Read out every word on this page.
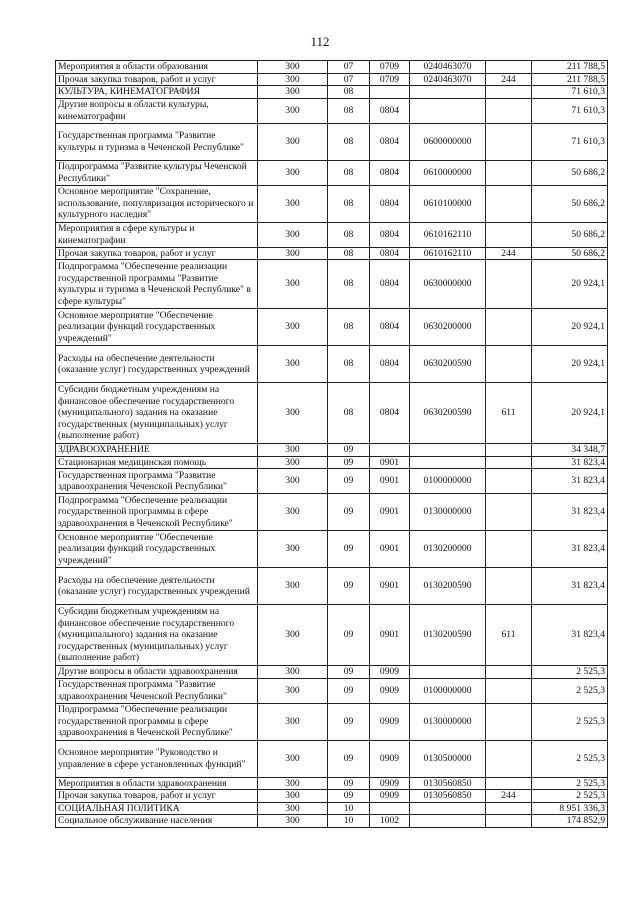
112
Мероприятия в области образования	300	07	0709	0240463070		211 788,5
Прочая закупка товаров, работ и услуг	300	07	0709	0240463070	244	211 788,5
КУЛЬТУРА, КИНЕМАТОГРАФИЯ	300	08				71 610,3
Другие вопросы в области культуры, кинематографии	300	08	0804			71 610,3
Государственная программа "Развитие культуры и туризма в Чеченской Республике"	300	08	0804	0600000000		71 610,3
Подпрограмма "Развитие культуры Чеченской Республики"	300	08	0804	0610000000		50 686,2
Основное мероприятие "Сохранение, использование, популяризация исторического и культурного наследия"	300	08	0804	0610100000		50 686,2
Мероприятия в сфере культуры и кинематографии	300	08	0804	0610162110		50 686,2
Прочая закупка товаров, работ и услуг	300	08	0804	0610162110	244	50 686,2
Подпрограмма "Обеспечение реализации государственной программы "Развитие культуры и туризма в Чеченской Республике" в сфере культуры"	300	08	0804	0630000000		20 924,1
Основное мероприятие "Обеспечение реализации функций государственных учреждений"	300	08	0804	0630200000		20 924,1
Расходы на обеспечение деятельности (оказание услуг) государственных учреждений	300	08	0804	0630200590		20 924,1
Субсидии бюджетным учреждениям на финансовое обеспечение государственного (муниципального) задания на оказание государственных (муниципальных) услуг (выполнение работ)	300	08	0804	0630200590	611	20 924,1
ЗДРАВООХРАНЕНИЕ	300	09				34 348,7
Стационарная медицинская помощь	300	09	0901			31 823,4
Государственная программа "Развитие здравоохранения Чеченской Республики"	300	09	0901	0100000000		31 823,4
Подпрограмма "Обеспечение реализации государственной программы в сфере здравоохранения в Чеченской Республике"	300	09	0901	0130000000		31 823,4
Основное мероприятие "Обеспечение реализации функций государственных учреждений"	300	09	0901	0130200000		31 823,4
Расходы на обеспечение деятельности (оказание услуг) государственных учреждений	300	09	0901	0130200590		31 823,4
Субсидии бюджетным учреждениям на финансовое обеспечение государственного (муниципального) задания на оказание государственных (муниципальных) услуг (выполнение работ)	300	09	0901	0130200590	611	31 823,4
Другие вопросы в области здравоохранения	300	09	0909			2 525,3
Государственная программа "Развитие здравоохранения Чеченской Республики"	300	09	0909	0100000000		2 525,3
Подпрограмма "Обеспечение реализации государственной программы в сфере здравоохранения в Чеченской Республике"	300	09	0909	0130000000		2 525,3
Основное мероприятие "Руководство и управление в сфере установленных функций"	300	09	0909	0130500000		2 525,3
Мероприятия в области здравоохранения	300	09	0909	0130560850		2 525,3
Прочая закупка товаров, работ и услуг	300	09	0909	0130560850	244	2 525,3
СОЦИАЛЬНАЯ ПОЛИТИКА	300	10				8 951 336,3
Социальное обслуживание населения	300	10	1002			174 852,9
